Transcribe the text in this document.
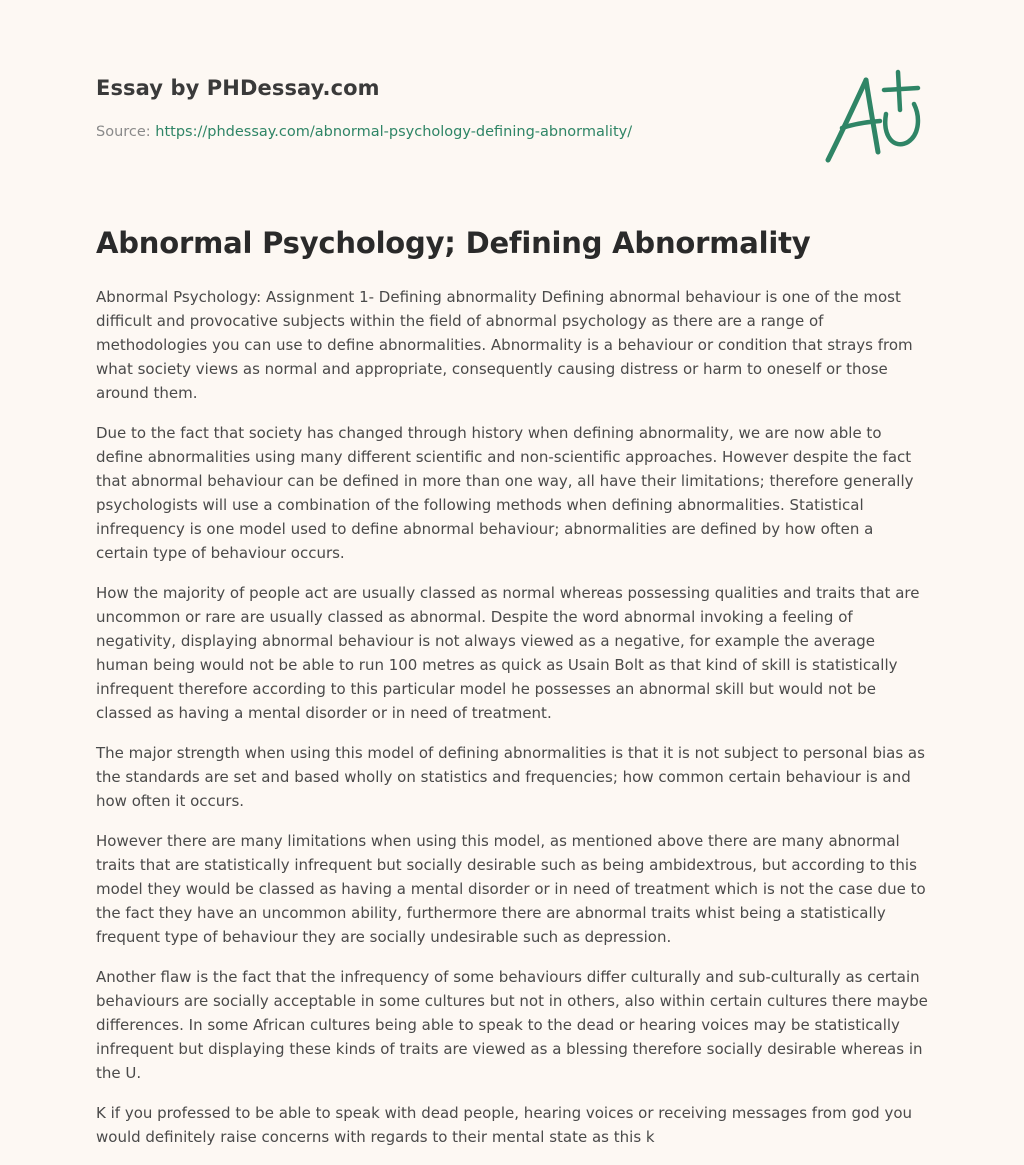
Essay by PHDessay.com
Source: https://phdessay.com/abnormal-psychology-defining-abnormality/
Abnormal Psychology; Defining Abnormality

Abnormal Psychology: Assignment 1- Defining abnormality Defining abnormal behaviour is one of the most difficult and provocative subjects within the field of abnormal psychology as there are a range of methodologies you can use to define abnormalities. Abnormality is a behaviour or condition that strays from what society views as normal and appropriate, consequently causing distress or harm to oneself or those around them.

Due to the fact that society has changed through history when defining abnormality, we are now able to define abnormalities using many different scientific and non-scientific approaches. However despite the fact that abnormal behaviour can be defined in more than one way, all have their limitations; therefore generally psychologists will use a combination of the following methods when defining abnormalities. Statistical infrequency is one model used to define abnormal behaviour; abnormalities are defined by how often a certain type of behaviour occurs.

How the majority of people act are usually classed as normal whereas possessing qualities and traits that are uncommon or rare are usually classed as abnormal. Despite the word abnormal invoking a feeling of negativity, displaying abnormal behaviour is not always viewed as a negative, for example the average human being would not be able to run 100 metres as quick as Usain Bolt as that kind of skill is statistically infrequent therefore according to this particular model he possesses an abnormal skill but would not be classed as having a mental disorder or in need of treatment.

The major strength when using this model of defining abnormalities is that it is not subject to personal bias as the standards are set and based wholly on statistics and frequencies; how common certain behaviour is and how often it occurs.

However there are many limitations when using this model, as mentioned above there are many abnormal traits that are statistically infrequent but socially desirable such as being ambidextrous, but according to this model they would be classed as having a mental disorder or in need of treatment which is not the case due to the fact they have an uncommon ability, furthermore there are abnormal traits whist being a statistically frequent type of behaviour they are socially undesirable such as depression.

Another flaw is the fact that the infrequency of some behaviours differ culturally and sub-culturally as certain behaviours are socially acceptable in some cultures but not in others, also within certain cultures there maybe differences. In some African cultures being able to speak to the dead or hearing voices may be statistically infrequent but displaying these kinds of traits are viewed as a blessing therefore socially desirable whereas in the U.

K if you professed to be able to speak with dead people, hearing voices or receiving messages from god you would definitely raise concerns with regards to their mental state as this k
